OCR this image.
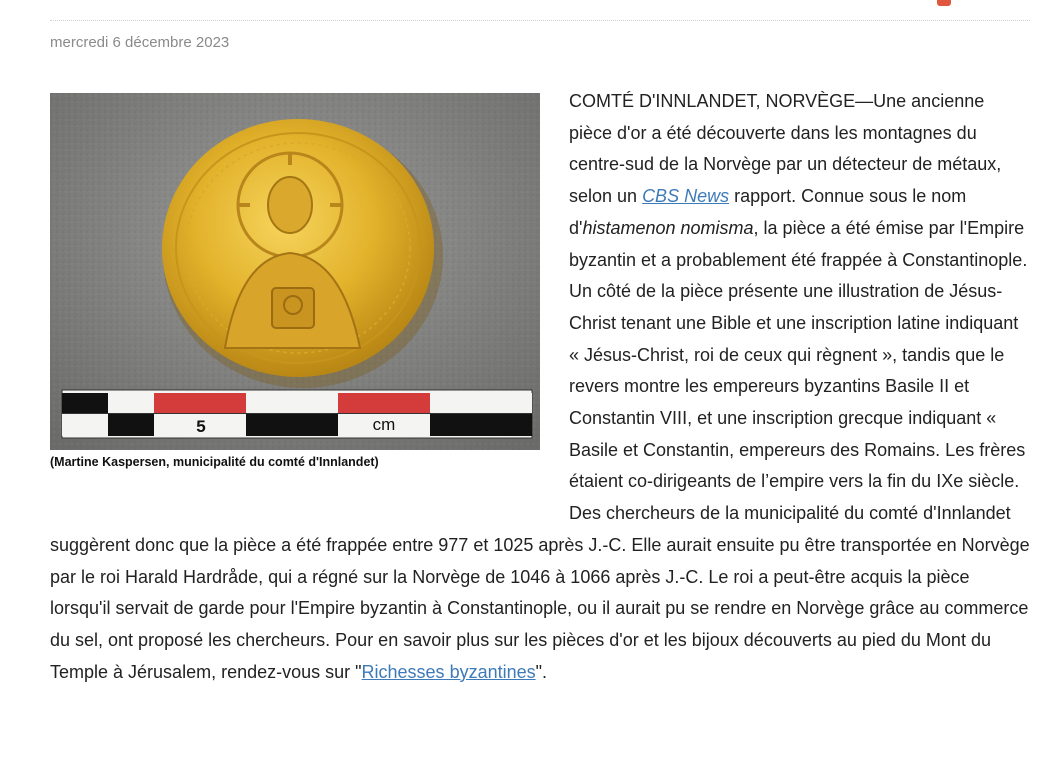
mercredi 6 décembre 2023

COMTÉ D'INNLANDET, NORVÈGE—Une ancienne pièce d'or a été découverte dans les montagnes du centre-sud de la Norvège par un détecteur de métaux, selon un CBS News rapport. Connue sous le nom d'histamenon nomisma, la pièce a été émise par l'Empire byzantin et a probablement été frappée à Constantinople. Un côté de la pièce présente une illustration de Jésus-Christ tenant une Bible et une inscription latine indiquant « Jésus-Christ, roi de ceux qui règnent », tandis que le revers montre les empereurs byzantins Basile II et Constantin VIII, et une inscription grecque indiquant « Basile et Constantin, empereurs des Romains. Les frères étaient co-dirigeants de l’empire vers la fin du IXe siècle. Des chercheurs de la municipalité du comté d'Innlandet suggèrent donc que la pièce a été frappée entre 977 et 1025 après J.-C. Elle aurait ensuite pu être transportée en Norvège par le roi Harald Hardråde, qui a régné sur la Norvège de 1046 à 1066 après J.-C. Le roi a peut-être acquis la pièce lorsqu'il servait de garde pour l'Empire byzantin à Constantinople, ou il aurait pu se rendre en Norvège grâce au commerce du sel, ont proposé les chercheurs. Pour en savoir plus sur les pièces d'or et les bijoux découverts au pied du Mont du Temple à Jérusalem, rendez-vous sur "Richesses byzantines".

5	cm
(Martine Kaspersen, municipalité du comté d'Innlandet)
